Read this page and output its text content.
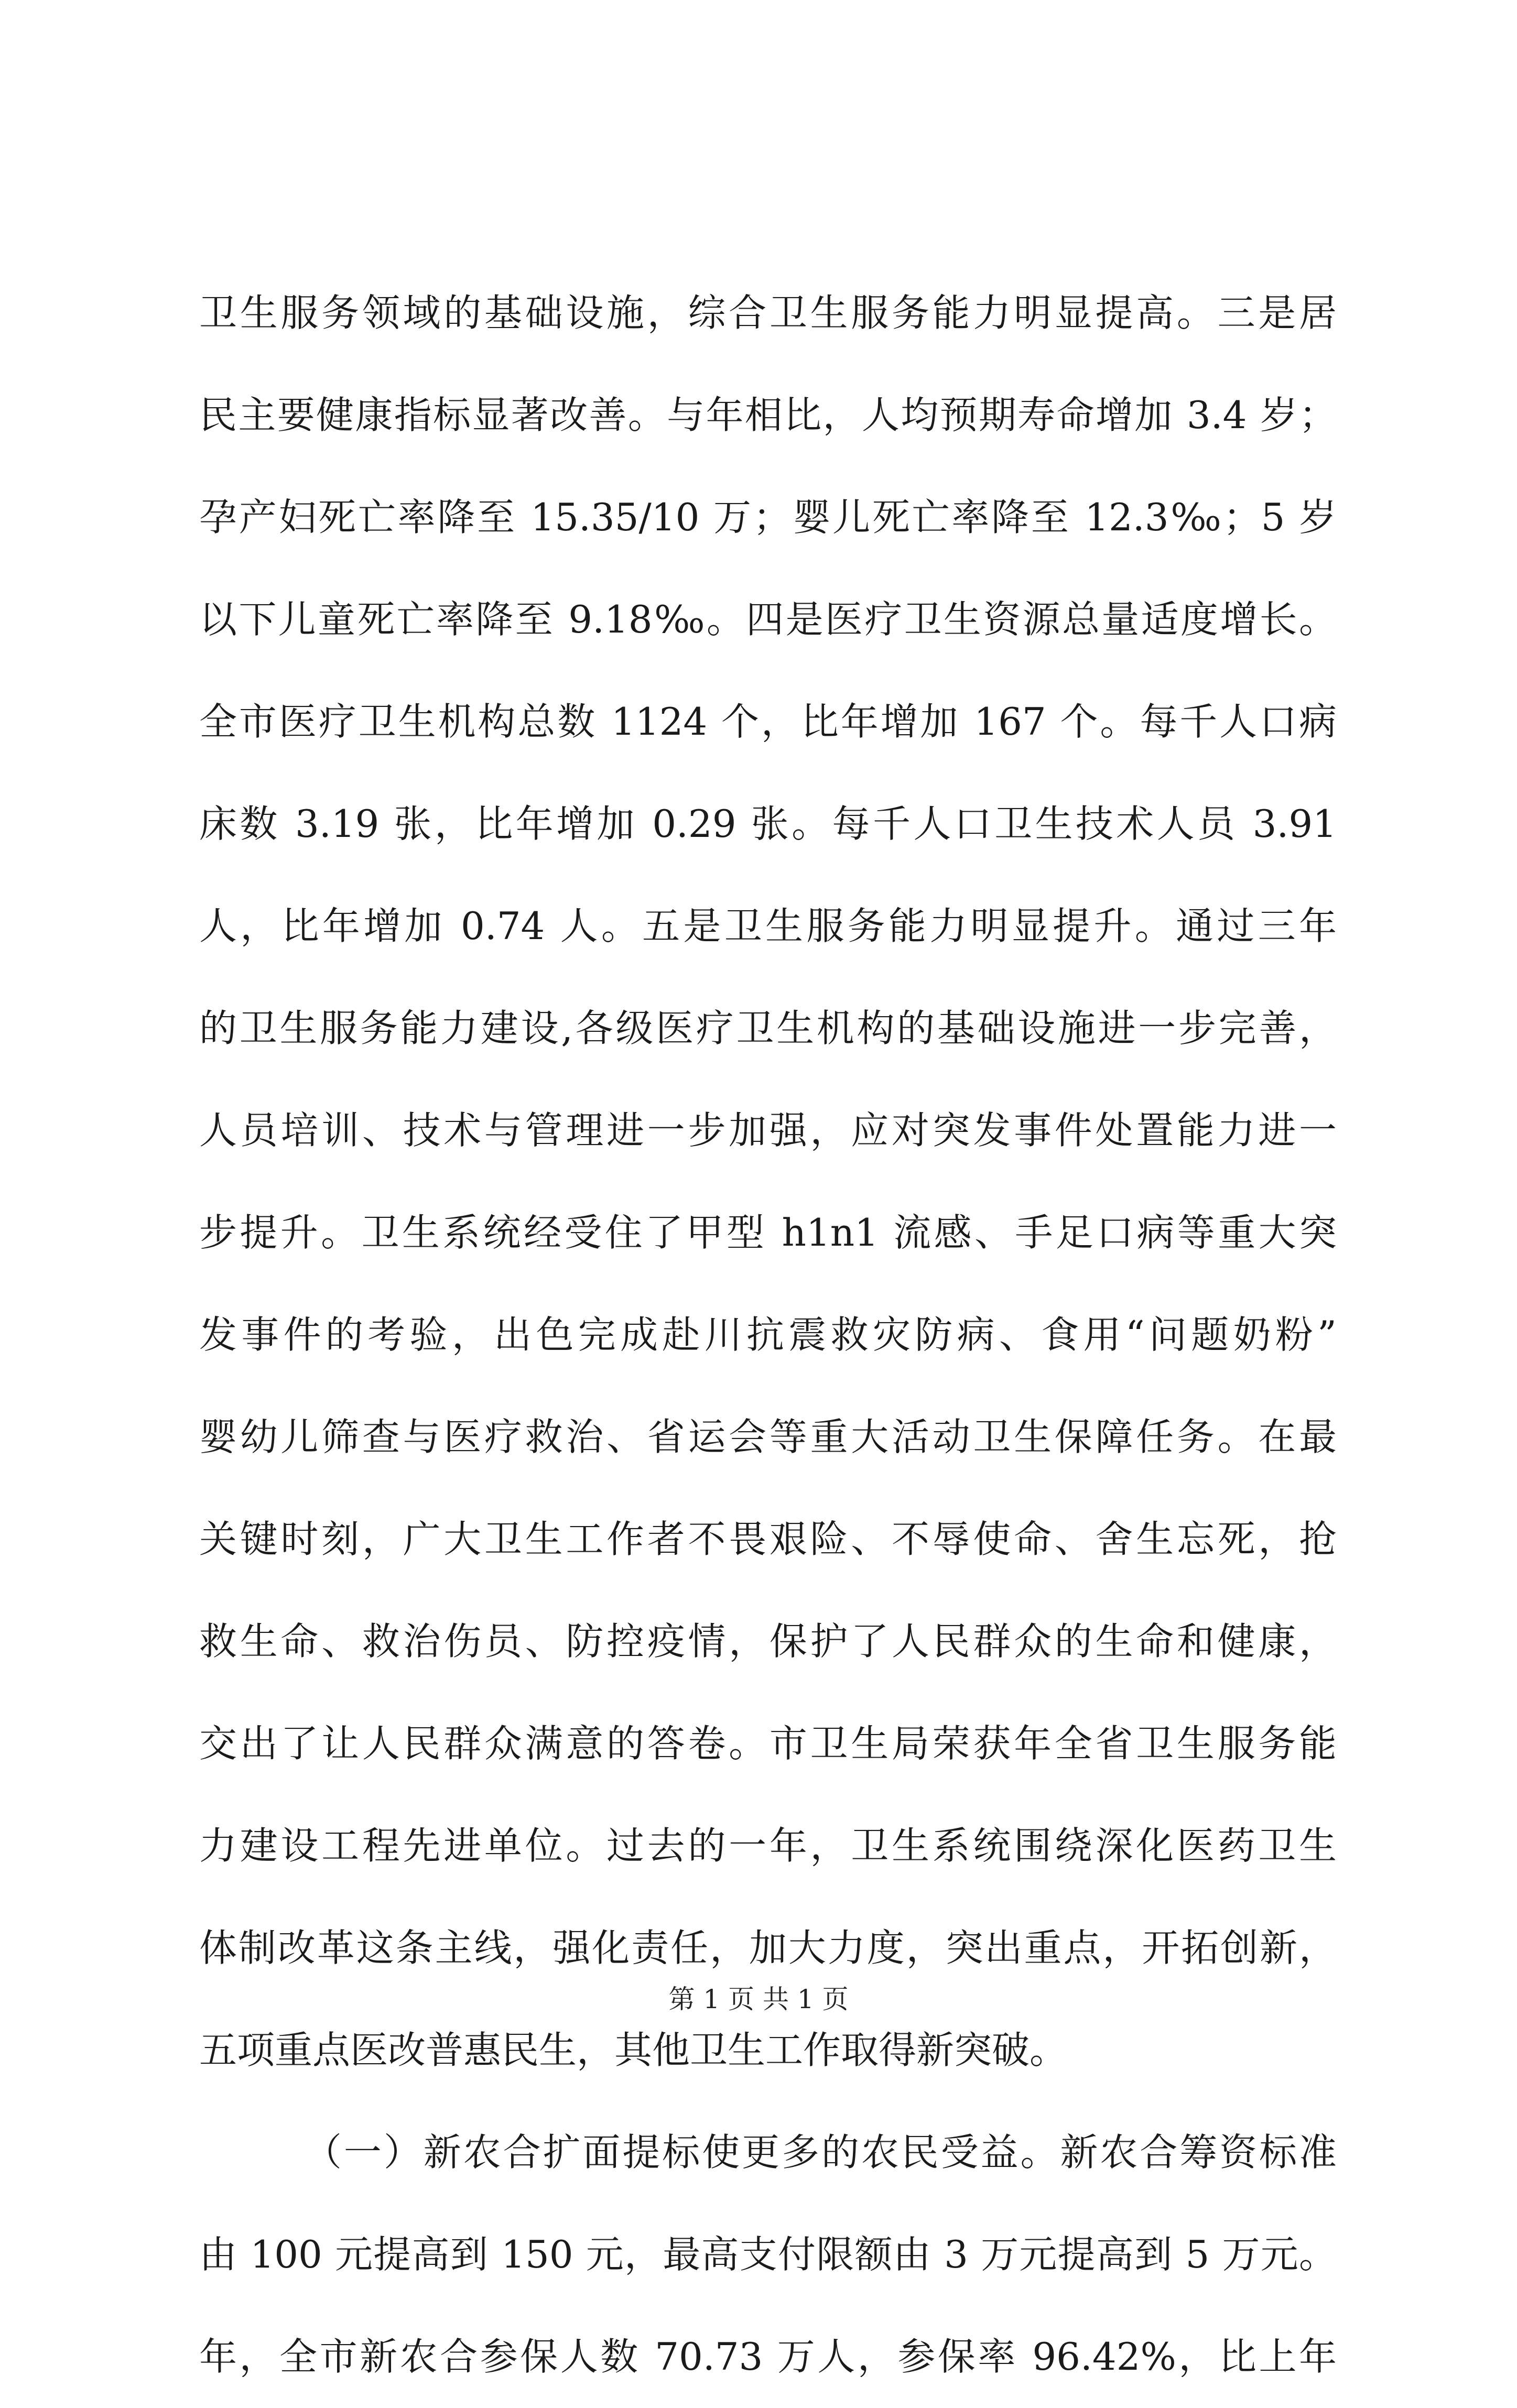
卫生服务领域的基础设施，综合卫生服务能力明显提高。三是居
民主要健康指标显著改善。与年相比，人均预期寿命增加 3.4 岁；
孕产妇死亡率降至 15.35/10 万；婴儿死亡率降至 12.3‰；5 岁
以下儿童死亡率降至 9.18‰。四是医疗卫生资源总量适度增长。
全市医疗卫生机构总数 1124 个，比年增加 167 个。每千人口病
床数 3.19 张，比年增加 0.29 张。每千人口卫生技术人员 3.91
人，比年增加 0.74 人。五是卫生服务能力明显提升。通过三年
的卫生服务能力建设,各级医疗卫生机构的基础设施进一步完善，
人员培训、技术与管理进一步加强，应对突发事件处置能力进一
步提升。卫生系统经受住了甲型 h1n1 流感、手足口病等重大突
发事件的考验，出色完成赴川抗震救灾防病、食用“问题奶粉”
婴幼儿筛查与医疗救治、省运会等重大活动卫生保障任务。在最
关键时刻，广大卫生工作者不畏艰险、不辱使命、舍生忘死，抢
救生命、救治伤员、防控疫情，保护了人民群众的生命和健康，
交出了让人民群众满意的答卷。市卫生局荣获年全省卫生服务能
力建设工程先进单位。过去的一年，卫生系统围绕深化医药卫生
体制改革这条主线，强化责任，加大力度，突出重点，开拓创新，
五项重点医改普惠民生，其他卫生工作取得新突破。
（一）新农合扩面提标使更多的农民受益。新农合筹资标准
由 100 元提高到 150 元，最高支付限额由 3 万元提高到 5 万元。
年，全市新农合参保人数 70.73 万人，参保率 96.42%，比上年
第 1 页 共 1 页
